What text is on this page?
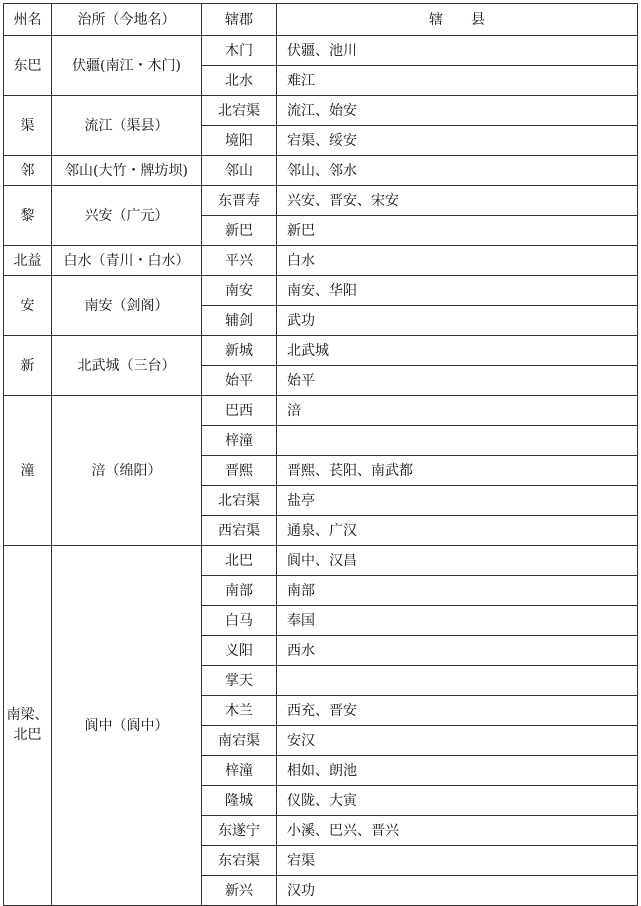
州名	治所（今地名）	辖郡	辖　　县
东巴	伏疆(南江・木门)	木门	伏疆、池川
		北水	难江
渠	流江（渠县）	北宕渠	流江、始安
		境阳	宕渠、绥安
邻	邻山(大竹・牌坊坝)	邻山	邻山、邻水
黎	兴安（广元）	东晋寿	兴安、晋安、宋安
		新巴	新巴
北益	白水（青川・白水）	平兴	白水
安	南安（剑阁）	南安	南安、华阳
		辅剑	武功
新	北武城（三台）	新城	北武城
		始平	始平
潼	涪（绵阳）	巴西	涪
		梓潼	
		晋熙	晋熙、苌阳、南武都
		北宕渠	盐亭
		西宕渠	通泉、广汉
南梁、北巴	阆中（阆中）	北巴	阆中、汉昌
		南部	南部
		白马	奉国
		义阳	西水
		掌天	
		木兰	西充、晋安
		南宕渠	安汉
		梓潼	相如、朗池
		隆城	仪陇、大寅
		东遂宁	小溪、巴兴、晋兴
		东宕渠	宕渠
		新兴	汉功
